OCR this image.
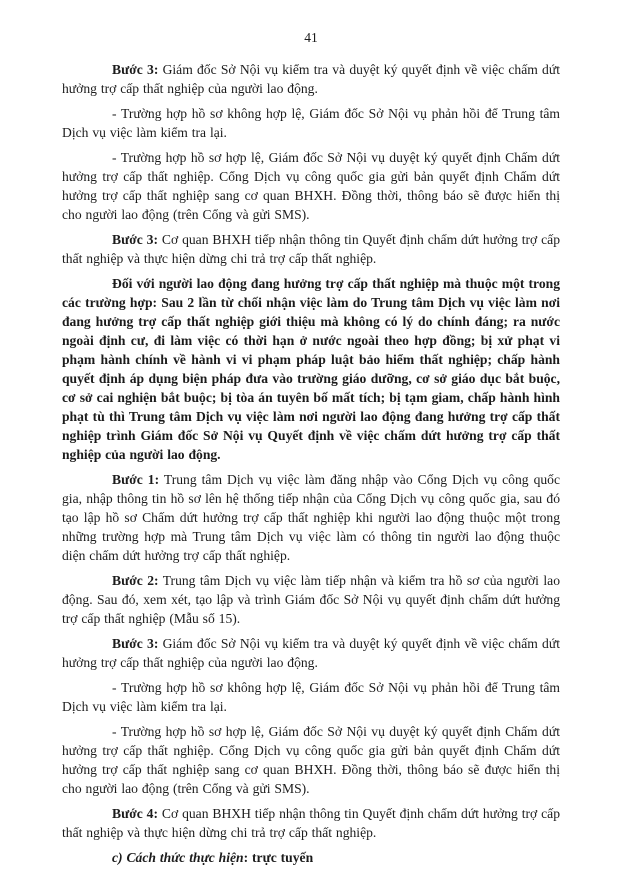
41

Bước 3: Giám đốc Sở Nội vụ kiểm tra và duyệt ký quyết định về việc chấm dứt hưởng trợ cấp thất nghiệp của người lao động.

- Trường hợp hồ sơ không hợp lệ, Giám đốc Sở Nội vụ phản hồi để Trung tâm Dịch vụ việc làm kiểm tra lại.

- Trường hợp hồ sơ hợp lệ, Giám đốc Sở Nội vụ duyệt ký quyết định Chấm dứt hưởng trợ cấp thất nghiệp. Cổng Dịch vụ công quốc gia gửi bản quyết định Chấm dứt hưởng trợ cấp thất nghiệp sang cơ quan BHXH. Đồng thời, thông báo sẽ được hiển thị cho người lao động (trên Cổng và gửi SMS).

Bước 3: Cơ quan BHXH tiếp nhận thông tin Quyết định chấm dứt hưởng trợ cấp thất nghiệp và thực hiện dừng chi trả trợ cấp thất nghiệp.

Đối với người lao động đang hưởng trợ cấp thất nghiệp mà thuộc một trong các trường hợp: Sau 2 lần từ chối nhận việc làm do Trung tâm Dịch vụ việc làm nơi đang hưởng trợ cấp thất nghiệp giới thiệu mà không có lý do chính đáng; ra nước ngoài định cư, đi làm việc có thời hạn ở nước ngoài theo hợp đồng; bị xử phạt vi phạm hành chính về hành vi vi phạm pháp luật bảo hiểm thất nghiệp; chấp hành quyết định áp dụng biện pháp đưa vào trường giáo dưỡng, cơ sở giáo dục bắt buộc, cơ sở cai nghiện bắt buộc; bị tòa án tuyên bố mất tích; bị tạm giam, chấp hành hình phạt tù thì Trung tâm Dịch vụ việc làm nơi người lao động đang hưởng trợ cấp thất nghiệp trình Giám đốc Sở Nội vụ Quyết định về việc chấm dứt hưởng trợ cấp thất nghiệp của người lao động.

Bước 1: Trung tâm Dịch vụ việc làm đăng nhập vào Cổng Dịch vụ công quốc gia, nhập thông tin hồ sơ lên hệ thống tiếp nhận của Cổng Dịch vụ công quốc gia, sau đó tạo lập hồ sơ Chấm dứt hưởng trợ cấp thất nghiệp khi người lao động thuộc một trong những trường hợp mà Trung tâm Dịch vụ việc làm có thông tin người lao động thuộc diện chấm dứt hưởng trợ cấp thất nghiệp.

Bước 2: Trung tâm Dịch vụ việc làm tiếp nhận và kiểm tra hồ sơ của người lao động. Sau đó, xem xét, tạo lập và trình Giám đốc Sở Nội vụ quyết định chấm dứt hưởng trợ cấp thất nghiệp (Mẫu số 15).

Bước 3: Giám đốc Sở Nội vụ kiểm tra và duyệt ký quyết định về việc chấm dứt hưởng trợ cấp thất nghiệp của người lao động.

- Trường hợp hồ sơ không hợp lệ, Giám đốc Sở Nội vụ phản hồi để Trung tâm Dịch vụ việc làm kiểm tra lại.

- Trường hợp hồ sơ hợp lệ, Giám đốc Sở Nội vụ duyệt ký quyết định Chấm dứt hưởng trợ cấp thất nghiệp. Cổng Dịch vụ công quốc gia gửi bản quyết định Chấm dứt hưởng trợ cấp thất nghiệp sang cơ quan BHXH. Đồng thời, thông báo sẽ được hiển thị cho người lao động (trên Cổng và gửi SMS).

Bước 4: Cơ quan BHXH tiếp nhận thông tin Quyết định chấm dứt hưởng trợ cấp thất nghiệp và thực hiện dừng chi trả trợ cấp thất nghiệp.

c) Cách thức thực hiện: trực tuyến
